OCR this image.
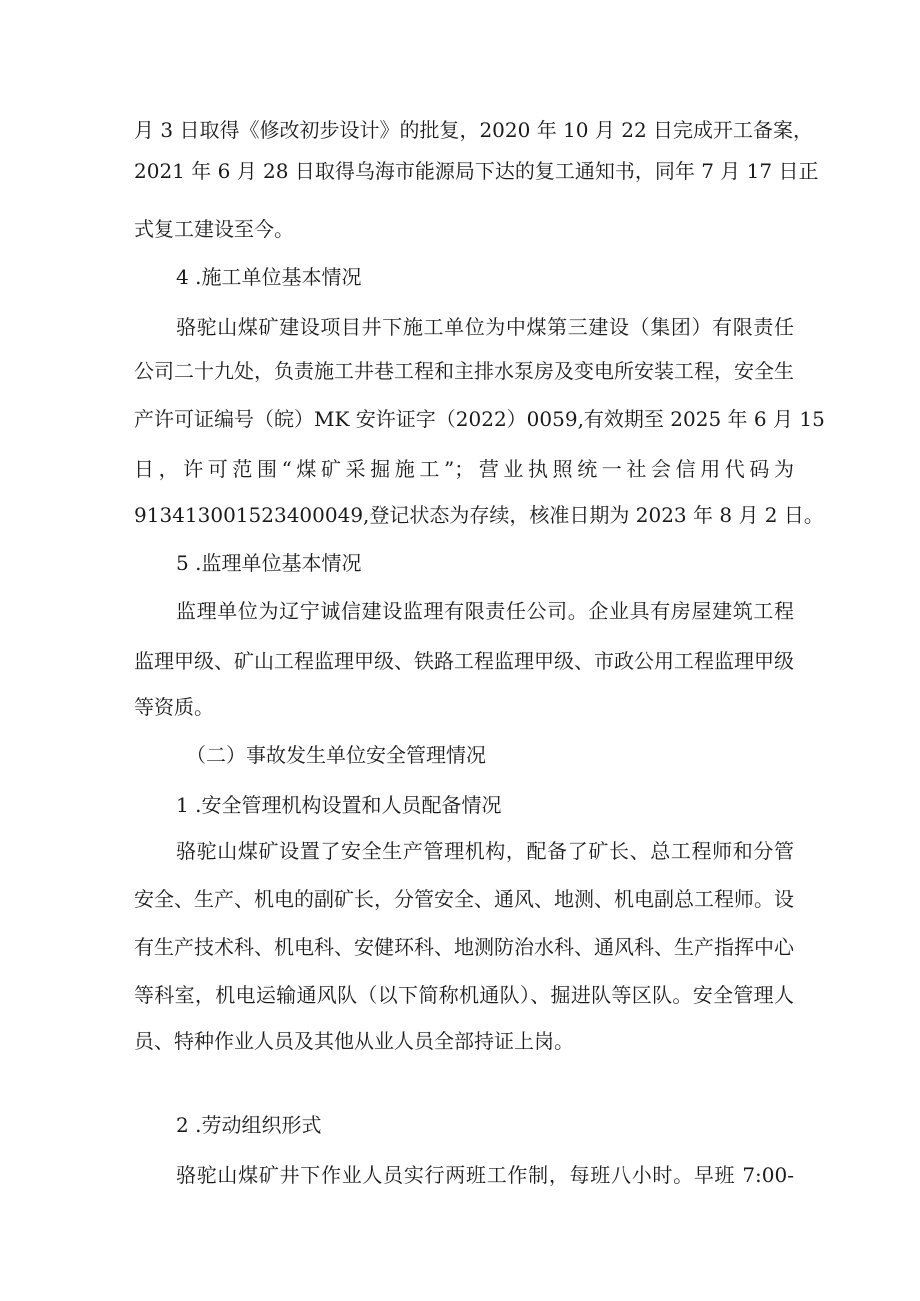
月 3 日取得《修改初步设计》的批复，2020 年 10 月 22 日完成开工备案，
2021 年 6 月 28 日取得乌海市能源局下达的复工通知书，同年 7 月 17 日正
式复工建设至今。
4 .施工单位基本情况
骆驼山煤矿建设项目井下施工单位为中煤第三建设（集团）有限责任
公司二十九处，负责施工井巷工程和主排水泵房及变电所安装工程，安全生
产许可证编号（皖）MK 安许证字（2022）0059,有效期至 2025 年 6 月 15
日，许可范围“煤矿采掘施工”；营业执照统一社会信用代码为
913413001523400049,登记状态为存续，核准日期为 2023 年 8 月 2 日。
5 .监理单位基本情况
监理单位为辽宁诚信建设监理有限责任公司。企业具有房屋建筑工程
监理甲级、矿山工程监理甲级、铁路工程监理甲级、市政公用工程监理甲级
等资质。
（二）事故发生单位安全管理情况
1 .安全管理机构设置和人员配备情况
骆驼山煤矿设置了安全生产管理机构，配备了矿长、总工程师和分管
安全、生产、机电的副矿长，分管安全、通风、地测、机电副总工程师。设
有生产技术科、机电科、安健环科、地测防治水科、通风科、生产指挥中心
等科室，机电运输通风队（以下简称机通队）、掘进队等区队。安全管理人
员、特种作业人员及其他从业人员全部持证上岗。
2 .劳动组织形式
骆驼山煤矿井下作业人员实行两班工作制，每班八小时。早班 7:00-
